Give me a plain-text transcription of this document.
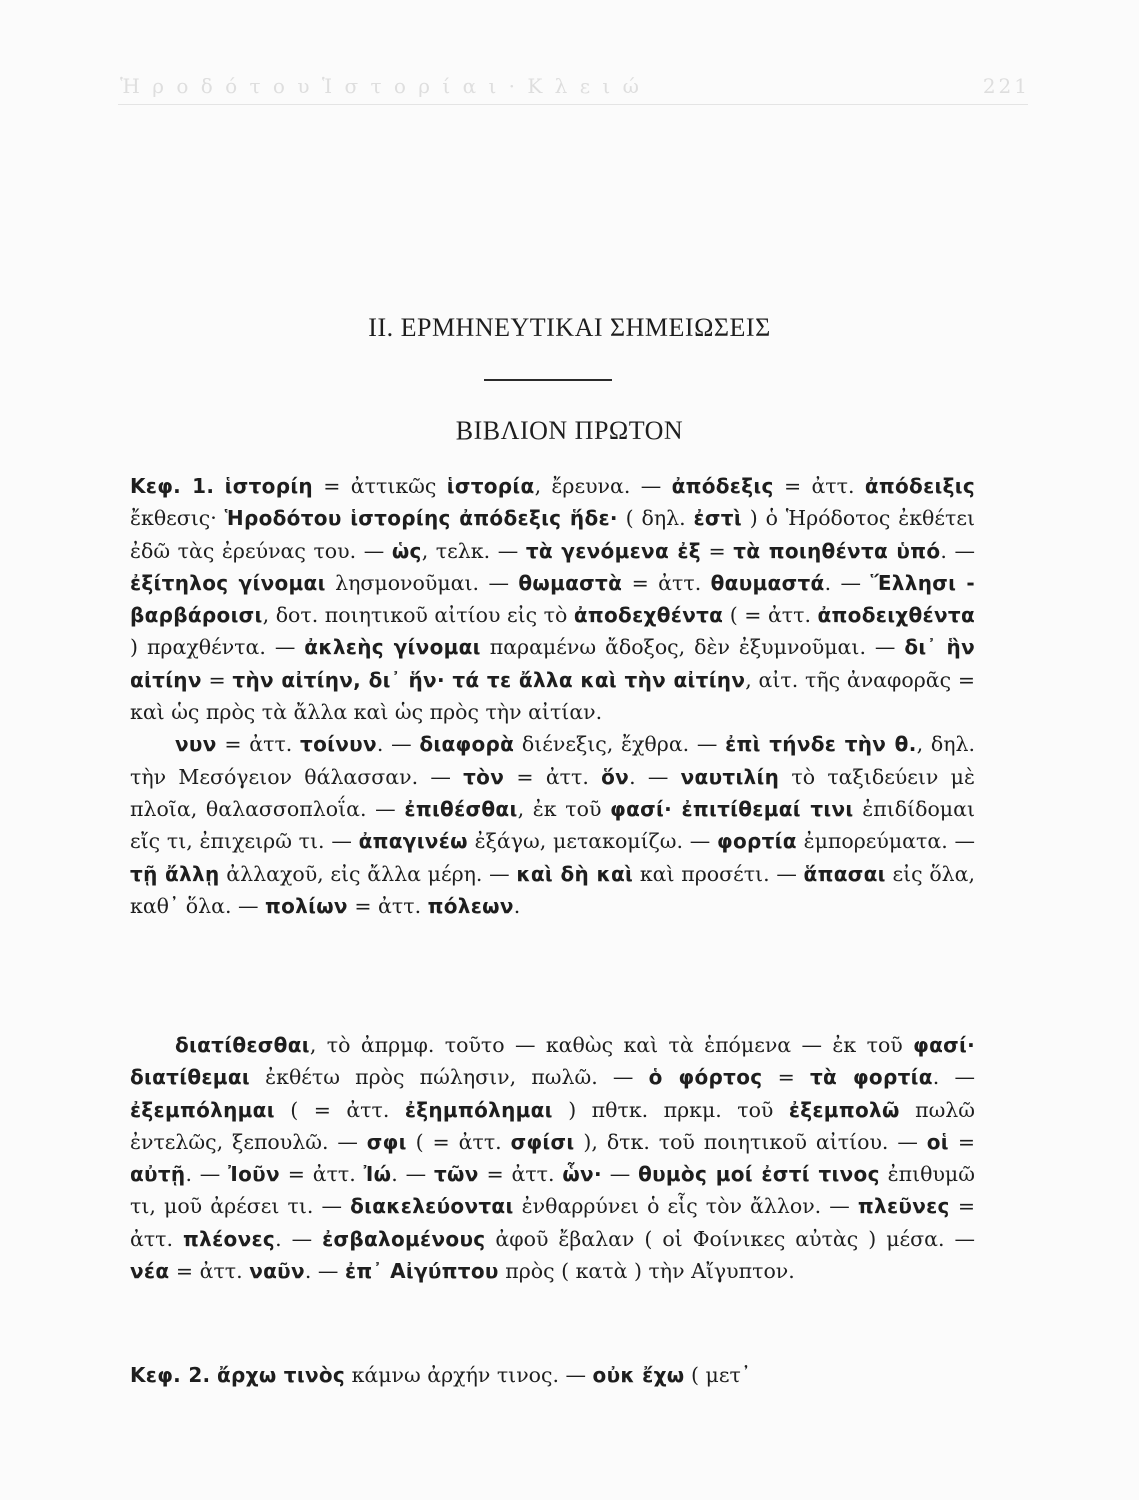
Ἡ ρ ο δ ό τ ο υ Ἱ σ τ ο ρ ί α ι · Κ λ ε ι ώ	221
II. ΕΡΜΗΝΕΥΤΙΚΑΙ ΣΗΜΕΙΩΣΕΙΣ
ΒΙΒΛΙΟΝ ΠΡΩΤΟΝ
Κεφ. 1. ἱστορίη = ἀττικῶς ἱστορία, ἔρευνα. — ἀπόδεξις = ἀττ. ἀπόδειξις ἔκθεσις· Ἡροδότου ἱστορίης ἀπόδεξις ἥδε· ( δηλ. ἐστὶ ) ὁ Ἡρόδοτος ἐκθέτει ἐδῶ τὰς ἐρεύνας του. — ὡς, τελκ. — τὰ γενόμενα ἐξ = τὰ ποιηθέντα ὑπό. — ἐξίτηλος γίνομαι λησμονοῦμαι. — θωμαστὰ = ἀττ. θαυμαστά. — Ἕλλησι - βαρβάροισι, δοτ. ποιητικοῦ αἰτίου εἰς τὸ ἀποδεχθέντα ( = ἀττ. ἀποδειχθέντα ) πραχθέντα. — ἀκλεὴς γίνομαι παραμένω ἄδοξος, δὲν ἐξυμνοῦμαι. — δι᾽ ἣν αἰτίην = τὴν αἰτίην, δι᾽ ἥν· τά τε ἄλλα καὶ τὴν αἰτίην, αἰτ. τῆς ἀναφορᾶς = καὶ ὡς πρὸς τὰ ἄλλα καὶ ὡς πρὸς τὴν αἰτίαν.
νυν = ἀττ. τοίνυν. — διαφορὰ διένεξις, ἔχθρα. — ἐπὶ τήνδε τὴν θ., δηλ. τὴν Μεσόγειον θάλασσαν. — τὸν = ἀττ. ὅν. — ναυτιλίη τὸ ταξιδεύειν μὲ πλοῖα, θαλασσοπλοΐα. — ἐπιθέσθαι, ἐκ τοῦ φασί· ἐπιτίθεμαί τινι ἐπιδίδομαι εἴς τι, ἐπιχειρῶ τι. — ἀπαγινέω ἐξάγω, μετακομίζω. — φορτία ἐμπορεύματα. — τῇ ἄλλῃ ἀλλαχοῦ, εἰς ἄλλα μέρη. — καὶ δὴ καὶ καὶ προσέτι. — ἅπασαι εἰς ὅλα, καθ᾽ ὅλα. — πολίων = ἀττ. πόλεων.
διατίθεσθαι, τὸ ἀπρμφ. τοῦτο — καθὼς καὶ τὰ ἑπόμενα — ἐκ τοῦ φασί· διατίθεμαι ἐκθέτω πρὸς πώλησιν, πωλῶ. — ὁ φόρτος = τὰ φορτία. — ἐξεμπόλημαι ( = ἀττ. ἐξημπόλημαι ) πθτκ. πρκμ. τοῦ ἐξεμπολῶ πωλῶ ἐντελῶς, ξεπουλῶ. — σφι ( = ἀττ. σφίσι ), δτκ. τοῦ ποιητικοῦ αἰτίου. — οἱ = αὐτῇ. — Ἰοῦν = ἀττ. Ἰώ. — τῶν = ἀττ. ὧν· — θυμὸς μοί ἐστί τινος ἐπιθυμῶ τι, μοῦ ἀρέσει τι. — διακελεύονται ἐνθαρρύνει ὁ εἷς τὸν ἄλλον. — πλεῦνες = ἀττ. πλέονες. — ἐσβαλομένους ἀφοῦ ἔβαλαν ( οἱ Φοίνικες αὐτὰς ) μέσα. — νέα = ἀττ. ναῦν. — ἐπ᾽ Αἰγύπτου πρὸς ( κατὰ ) τὴν Αἴγυπτον.
Κεφ. 2. ἄρχω τινὸς κάμνω ἀρχήν τινος. — οὐκ ἔχω ( μετ᾽
